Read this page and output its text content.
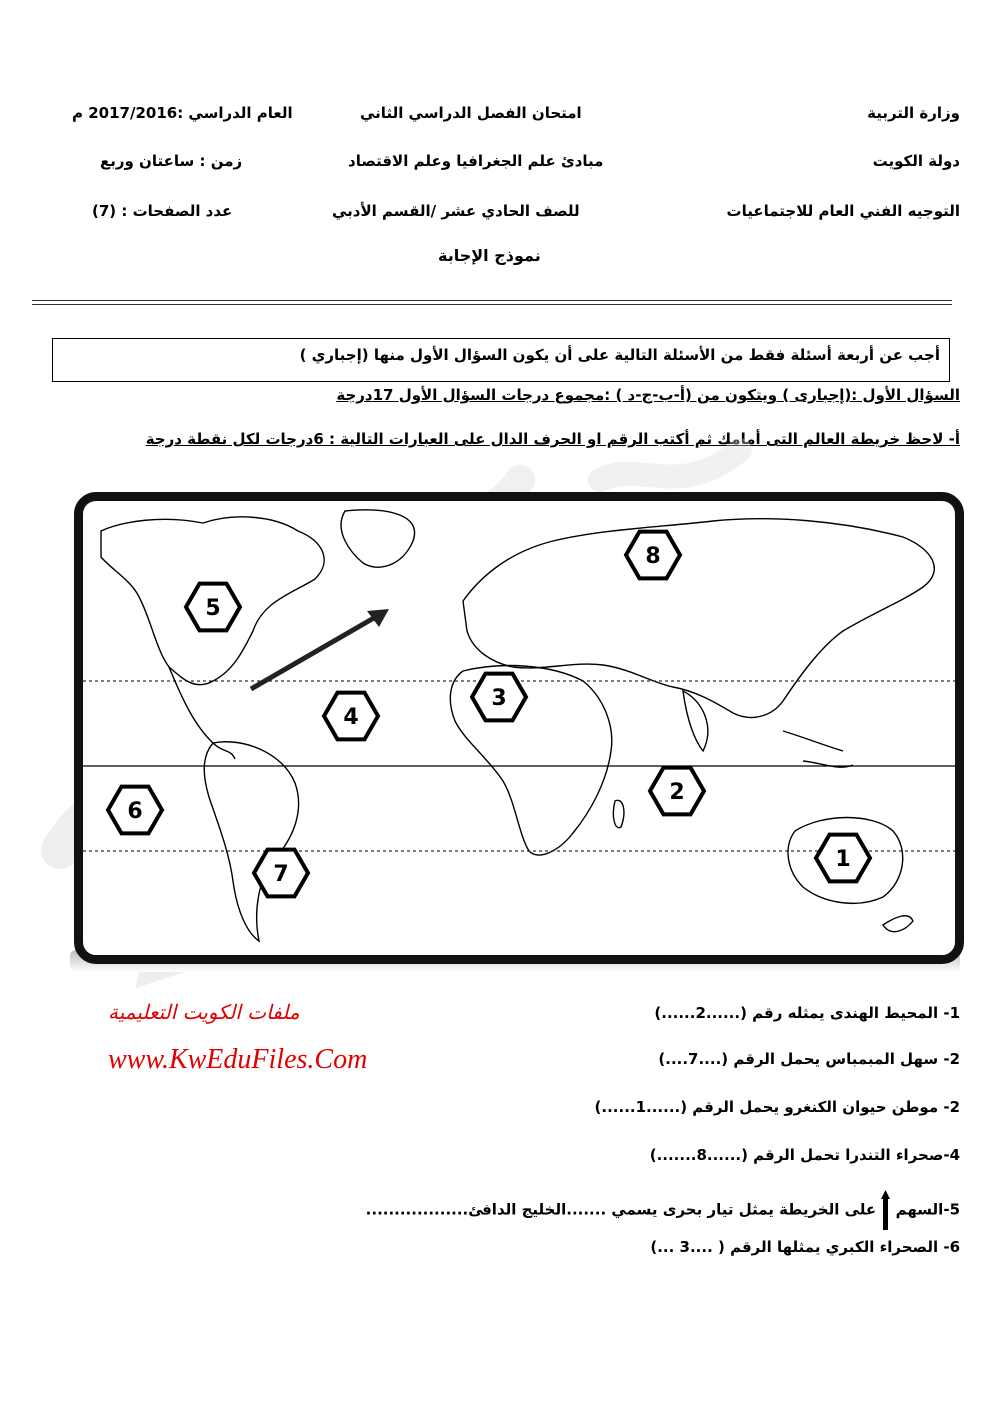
وزارة التربية
امتحان الفصل الدراسي الثاني
العام الدراسي :2017/2016 م
دولة الكويت
مبادئ علم الجغرافيا وعلم الاقتصاد
زمن : ساعتان وربع
التوجيه الفني العام للاجتماعيات
للصف الحادي عشر /القسم الأدبي
عدد الصفحات : (7)
نموذج الإجابة
أجب عن أربعة أسئلة فقط من الأسئلة التالية على أن يكون السؤال الأول منها (إجباري )
السؤال الأول :(إجبارى ) ويتكون من (أ-ب-ج-د ) :مجموع درجات السؤال الأول 17درجة
أ- لاحظ خريطة العالم التى أمامك ثم أكتب الرقم او الحرف الدال على العبارات التالية : 6درجات لكل نقطة درجة
1
2
3
4
5
6
7
8
1- المحيط الهندى يمثله رقم (......2......)
2- سهل المبمباس يحمل الرقم (....7....)
2- موطن حيوان الكنغرو يحمل الرقم (......1......)
4-صحراء التندرا تحمل الرقم (......8.......)
5-السهم  على الخريطة يمثل تيار بحرى يسمي .......الخليج الدافئ..................
6- الصحراء الكبري يمثلها الرقم ( ....3 ...)
ملفات الكويت التعليمية
www.KwEduFiles.Com
